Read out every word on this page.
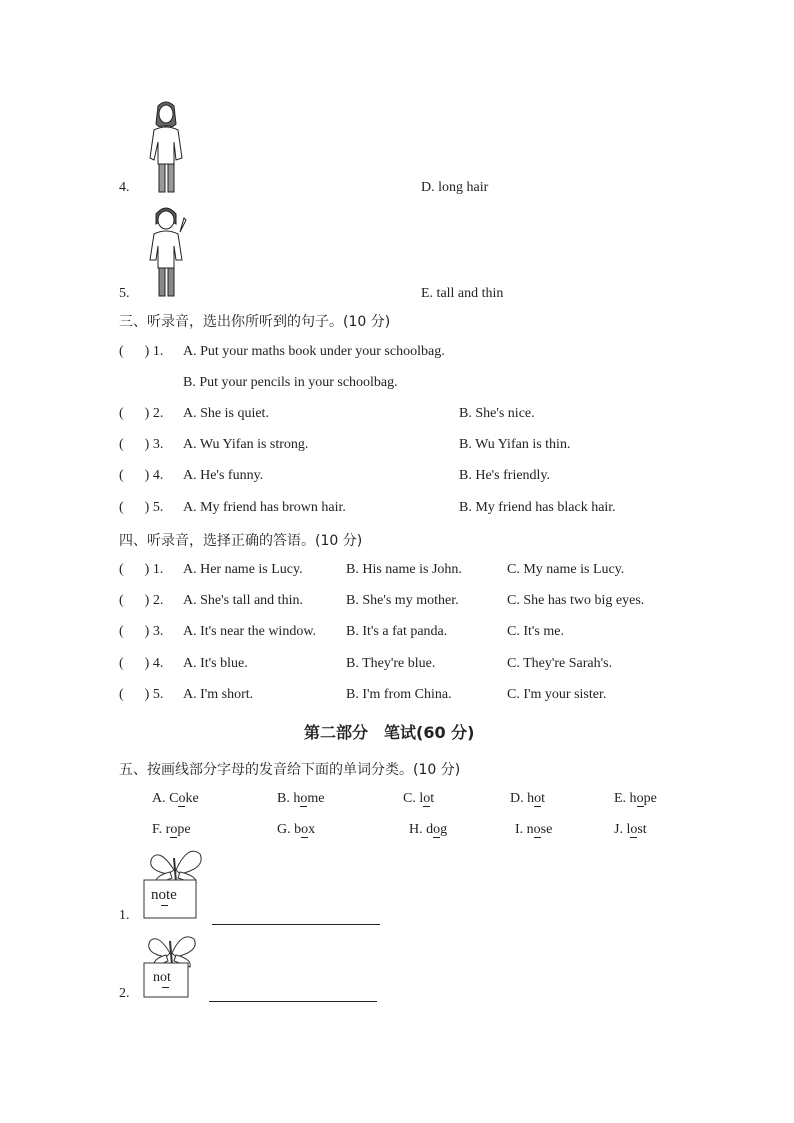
4.	D. long hair
5.	E. tall and thin
三、听录音，选出你所听到的句子。(10 分)
(      ) 1. A. Put your maths book under your schoolbag.
B. Put your pencils in your schoolbag.
(      ) 2. A. She is quiet.	B. She's nice.
(      ) 3. A. Wu Yifan is strong.	B. Wu Yifan is thin.
(      ) 4. A. He's funny.	B. He's friendly.
(      ) 5. A. My friend has brown hair.	B. My friend has black hair.
四、听录音，选择正确的答语。(10 分)
(      ) 1. A. Her name is Lucy.	B. His name is John.	C. My name is Lucy.
(      ) 2. A. She's tall and thin.	B. She's my mother.	C. She has two big eyes.
(      ) 3. A. It's near the window. B. It's a fat panda.	C. It's me.
(      ) 4. A. It's blue.	B. They're blue.	C. They're Sarah's.
(      ) 5. A. I'm short.	B. I'm from China.	C. I'm your sister.
第二部分　笔试(60 分)
五、按画线部分字母的发音给下面的单词分类。(10 分)
A. Coke	B. home	C. lot	D. hot	E. hope
F. rope	G. box	H. dog	I. nose	J. lost
note
1.
not
2.
